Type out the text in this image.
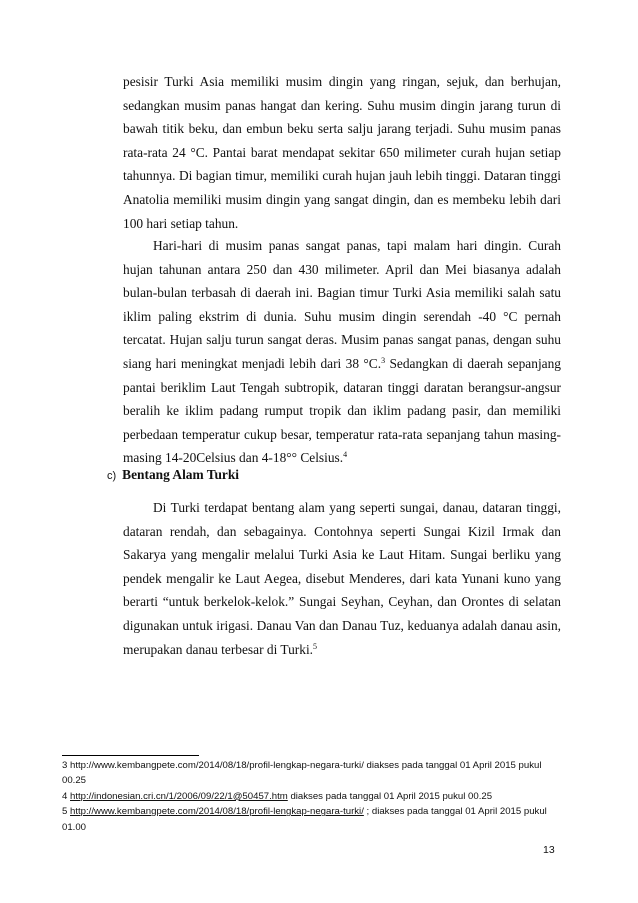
pesisir Turki Asia memiliki musim dingin yang ringan, sejuk, dan berhujan, sedangkan musim panas hangat dan kering. Suhu musim dingin jarang turun di bawah titik beku, dan embun beku serta salju jarang terjadi. Suhu musim panas rata-rata 24 °C. Pantai barat mendapat sekitar 650 milimeter curah hujan setiap tahunnya. Di bagian timur, memiliki curah hujan jauh lebih tinggi. Dataran tinggi Anatolia memiliki musim dingin yang sangat dingin, dan es membeku lebih dari 100 hari setiap tahun.

Hari-hari di musim panas sangat panas, tapi malam hari dingin. Curah hujan tahunan antara 250 dan 430 milimeter. April dan Mei biasanya adalah bulan-bulan terbasah di daerah ini. Bagian timur Turki Asia memiliki salah satu iklim paling ekstrim di dunia. Suhu musim dingin serendah -40 °C pernah tercatat. Hujan salju turun sangat deras. Musim panas sangat panas, dengan suhu siang hari meningkat menjadi lebih dari 38 °C.$^3$ Sedangkan di daerah sepanjang pantai beriklim Laut Tengah subtropik, dataran tinggi daratan berangsur-angsur beralih ke iklim padang rumput tropik dan iklim padang pasir, dan memiliki perbedaan temperatur cukup besar, temperatur rata-rata sepanjang tahun masing-masing 14-20Celsius dan 4-18°° Celsius.$^4$

c) Bentang Alam Turki

Di Turki terdapat bentang alam yang seperti sungai, danau, dataran tinggi, dataran rendah, dan sebagainya. Contohnya seperti Sungai Kizil Irmak dan Sakarya yang mengalir melalui Turki Asia ke Laut Hitam. Sungai berliku yang pendek mengalir ke Laut Aegea, disebut Menderes, dari kata Yunani kuno yang berarti “untuk berkelok-kelok.” Sungai Seyhan, Ceyhan, dan Orontes di selatan digunakan untuk irigasi. Danau Van dan Danau Tuz, keduanya adalah danau asin, merupakan danau terbesar di Turki.$^5$

3 http://www.kembangpete.com/2014/08/18/profil-lengkap-negara-turki/ diakses pada tanggal 01 April 2015 pukul 00.25

4 http://indonesian.cri.cn/1/2006/09/22/1@50457.htm diakses pada tanggal 01 April 2015 pukul 00.25

5 http://www.kembangpete.com/2014/08/18/profil-lengkap-negara-turki/ ; diakses pada tanggal 01 April 2015 pukul 01.00

13
